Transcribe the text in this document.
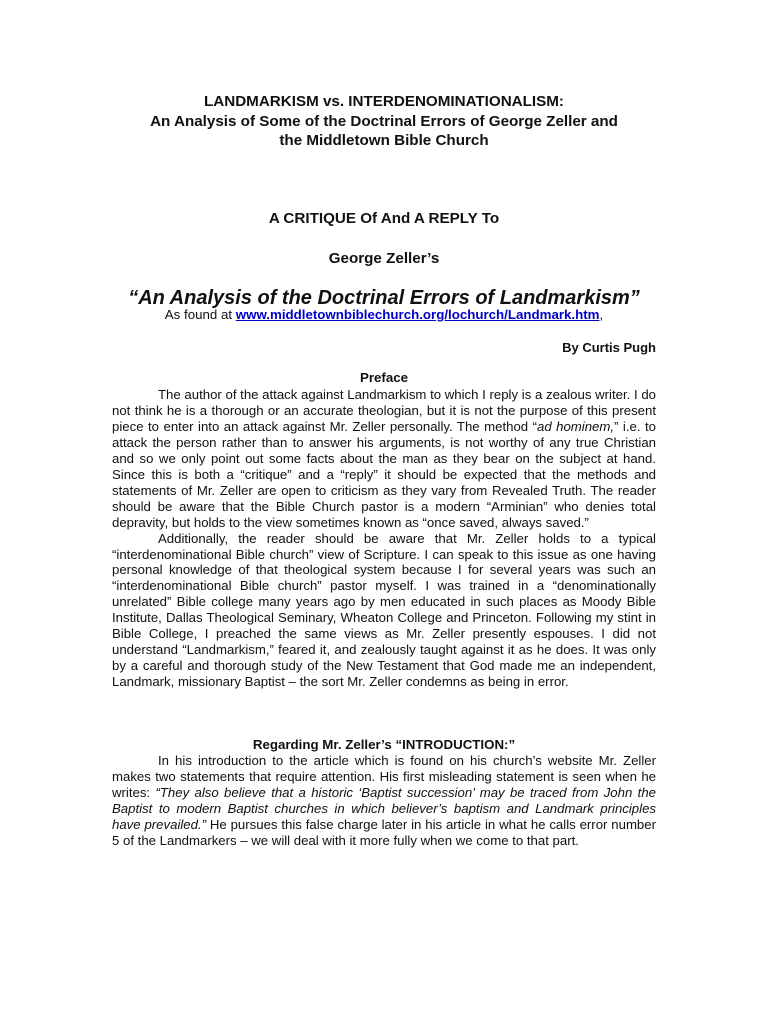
LANDMARKISM vs. INTERDENOMINATIONALISM:
An Analysis of Some of the Doctrinal Errors of George Zeller and
the Middletown Bible Church
A CRITIQUE Of And A REPLY To
George Zeller’s
“An Analysis of the Doctrinal Errors of Landmarkism”
As found at www.middletownbiblechurch.org/lochurch/Landmark.htm,
By Curtis Pugh
Preface

The author of the attack against Landmarkism to which I reply is a zealous writer. I do not think he is a thorough or an accurate theologian, but it is not the purpose of this present piece to enter into an attack against Mr. Zeller personally. The method “ad hominem,” i.e. to attack the person rather than to answer his arguments, is not worthy of any true Christian and so we only point out some facts about the man as they bear on the subject at hand. Since this is both a “critique” and a “reply” it should be expected that the methods and statements of Mr. Zeller are open to criticism as they vary from Revealed Truth. The reader should be aware that the Bible Church pastor is a modern “Arminian” who denies total depravity, but holds to the view sometimes known as “once saved, always saved.”

Additionally, the reader should be aware that Mr. Zeller holds to a typical “interdenominational Bible church” view of Scripture. I can speak to this issue as one having personal knowledge of that theological system because I for several years was such an “interdenominational Bible church” pastor myself. I was trained in a “denominationally unrelated” Bible college many years ago by men educated in such places as Moody Bible Institute, Dallas Theological Seminary, Wheaton College and Princeton. Following my stint in Bible College, I preached the same views as Mr. Zeller presently espouses. I did not understand “Landmarkism,” feared it, and zealously taught against it as he does. It was only by a careful and thorough study of the New Testament that God made me an independent, Landmark, missionary Baptist – the sort Mr. Zeller condemns as being in error.

Regarding Mr. Zeller’s “INTRODUCTION:”

In his introduction to the article which is found on his church’s website Mr. Zeller makes two statements that require attention. His first misleading statement is seen when he writes: “They also believe that a historic ‘Baptist succession’ may be traced from John the Baptist to modern Baptist churches in which believer’s baptism and Landmark principles have prevailed.” He pursues this false charge later in his article in what he calls error number 5 of the Landmarkers – we will deal with it more fully when we come to that part.
